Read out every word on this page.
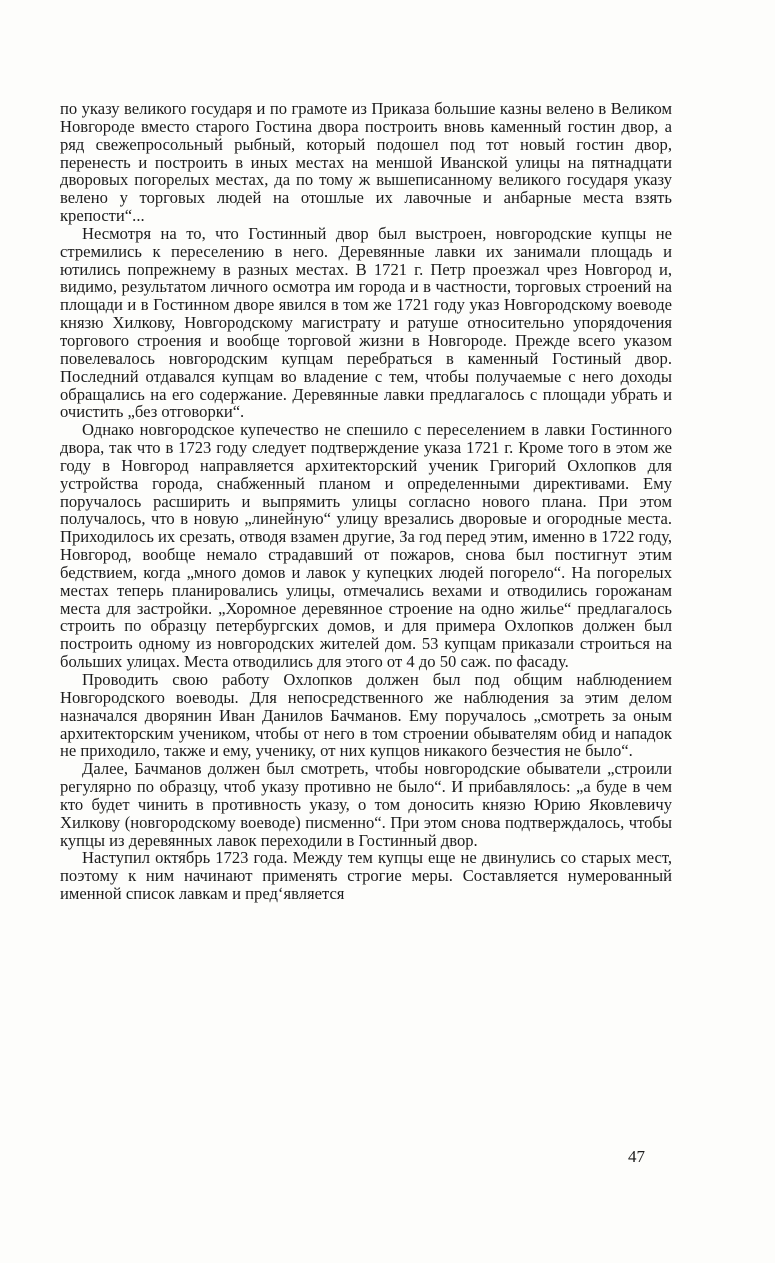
по указу великого государя и по грамоте из Приказа большие казны велено в Великом Новгороде вместо старого Гостина двора построить вновь каменный гостин двор, а ряд свежепросольный рыбный, который подошел под тот новый гостин двор, перенесть и построить в иных местах на меншой Иванской улицы на пятнадцати дворовых погорелых местах, да по тому ж вышеписанному великого государя указу велено у торговых людей на отошлые их лавочные и анбарные места взять крепости“...

Несмотря на то, что Гостинный двор был выстроен, новгородские купцы не стремились к переселению в него. Деревянные лавки их занимали площадь и ютились попрежнему в разных местах. В 1721 г. Петр проезжал чрез Новгород и, видимо, результатом личного осмотра им города и в частности, торговых строений на площади и в Гостинном дворе явился в том же 1721 году указ Новгородскому воеводе князю Хилкову, Новгородскому магистрату и ратуше относительно упорядочения торгового строения и вообще торговой жизни в Новгороде. Прежде всего указом повелевалось новгородским купцам перебраться в каменный Гостиный двор. Последний отдавался купцам во владение с тем, чтобы получаемые с него доходы обращались на его содержание. Деревянные лавки предлагалось с площади убрать и очистить „без отговорки“.

Однако новгородское купечество не спешило с переселением в лавки Гостинного двора, так что в 1723 году следует подтверждение указа 1721 г. Кроме того в этом же году в Новгород направляется архитекторский ученик Григорий Охлопков для устройства города, снабженный планом и определенными директивами. Ему поручалось расширить и выпрямить улицы согласно нового плана. При этом получалось, что в новую „линейную“ улицу врезались дворовые и огородные места. Приходилось их срезать, отводя взамен другие, За год перед этим, именно в 1722 году, Новгород, вообще немало страдавший от пожаров, снова был постигнут этим бедствием, когда „много домов и лавок у купецких людей погорело“. На погорелых местах теперь планировались улицы, отмечались вехами и отводились горожанам места для застройки. „Хоромное деревянное строение на одно жилье“ предлагалось строить по образцу петербургских домов, и для примера Охлопков должен был построить одному из новгородских жителей дом. 53 купцам приказали строиться на больших улицах. Места отводились для этого от 4 до 50 саж. по фасаду.

Проводить свою работу Охлопков должен был под общим наблюдением Новгородского воеводы. Для непосредственного же наблюдения за этим делом назначался дворянин Иван Данилов Бачманов. Ему поручалось „смотреть за оным архитекторским учеником, чтобы от него в том строении обывателям обид и нападок не приходило, также и ему, ученику, от них купцов никакого безчестия не было“.

Далее, Бачманов должен был смотреть, чтобы новгородские обыватели „строили регулярно по образцу, чтоб указу противно не было“. И прибавлялось: „а буде в чем кто будет чинить в противность указу, о том доносить князю Юрию Яковлевичу Хилкову (новгородскому воеводе) писменно“. При этом снова подтверждалось, чтобы купцы из деревянных лавок переходили в Гостинный двор.

Наступил октябрь 1723 года. Между тем купцы еще не двинулись со старых мест, поэтому к ним начинают применять строгие меры. Составляется нумерованный именной список лавкам и пред‘является

47
